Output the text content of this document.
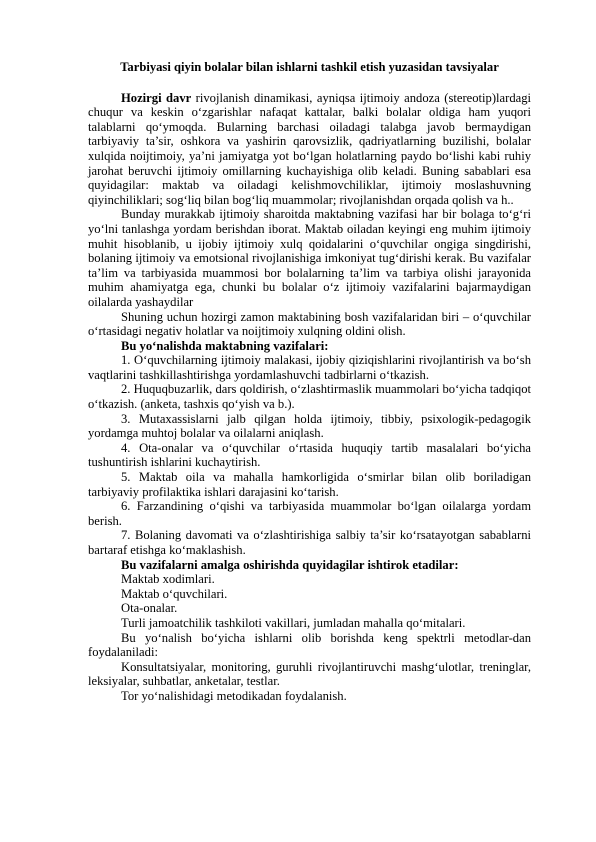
Tarbiyasi qiyin bolalar bilan ishlarni tashkil etish yuzasidan tavsiyalar

Hozirgi davr rivojlanish dinamikasi, ayniqsa ijtimoiy andoza (stereotip)lardagi chuqur va keskin o‘zgarishlar nafaqat kattalar, balki bolalar oldiga ham yuqori talablarni qo‘ymoqda. Bularning barchasi oiladagi talabga javob bermaydigan tarbiyaviy ta’sir, oshkora va yashirin qarovsizlik, qadriyatlarning buzilishi, bolalar xulqida noijtimoiy, ya’ni jamiyatga yot bo‘lgan holatlarning paydo bo‘lishi kabi ruhiy jarohat beruvchi ijtimoiy omillarning kuchayishiga olib keladi. Buning sabablari esa quyidagilar: maktab va oiladagi kelishmovchiliklar, ijtimoiy moslashuvning qiyinchiliklari; sog‘liq bilan bog‘liq muammolar; rivojlanishdan orqada qolish va h..

Bunday murakkab ijtimoiy sharoitda maktabning vazifasi har bir bolaga to‘g‘ri yo‘lni tanlashga yordam berishdan iborat. Maktab oiladan keyingi eng muhim ijtimoiy muhit hisoblanib, u ijobiy ijtimoiy xulq qoidalarini o‘quvchilar ongiga singdirishi, bolaning ijtimoiy va emotsional rivojlanishiga imkoniyat tug‘dirishi kerak. Bu vazifalar ta’lim va tarbiyasida muammosi bor bolalarning ta’lim va tarbiya olishi jarayonida muhim ahamiyatga ega, chunki bu bolalar o‘z ijtimoiy vazifalarini bajarmaydigan oilalarda yashaydilar

Shuning uchun hozirgi zamon maktabining bosh vazifalaridan biri – o‘quvchilar o‘rtasidagi negativ holatlar va noijtimoiy xulqning oldini olish.

Bu yo‘nalishda maktabning vazifalari:

1. O‘quvchilarning ijtimoiy malakasi, ijobiy qiziqishlarini rivojlantirish va bo‘sh vaqtlarini tashkillashtirishga yordamlashuvchi tadbirlarni o‘tkazish.

2. Huquqbuzarlik, dars qoldirish, o‘zlashtirmaslik muammolari bo‘yicha tadqiqot o‘tkazish. (anketa, tashxis qo‘yish va b.).

3. Mutaxassislarni jalb qilgan holda ijtimoiy, tibbiy, psixologik-pedagogik yordamga muhtoj bolalar va oilalarni aniqlash.

4. Ota-onalar va o‘quvchilar o‘rtasida huquqiy tartib masalalari bo‘yicha tushuntirish ishlarini kuchaytirish.

5. Maktab oila va mahalla hamkorligida o‘smirlar bilan olib boriladigan tarbiyaviy profilaktika ishlari darajasini ko‘tarish.

6. Farzandining o‘qishi va tarbiyasida muammolar bo‘lgan oilalarga yordam berish.

7. Bolaning davomati va o‘zlashtirishiga salbiy ta’sir ko‘rsatayotgan sabablarni bartaraf etishga ko‘maklashish.

Bu vazifalarni amalga oshirishda quyidagilar ishtirok etadilar:

Maktab xodimlari.

Maktab o‘quvchilari.

Ota-onalar.

Turli jamoatchilik tashkiloti vakillari, jumladan mahalla qo‘mitalari.

Bu yo‘nalish bo‘yicha ishlarni olib borishda keng spektrli metodlar-dan foydalaniladi:

Konsultatsiyalar, monitoring, guruhli rivojlantiruvchi mashg‘ulotlar, treninglar, leksiyalar, suhbatlar, anketalar, testlar.

Tor yo‘nalishidagi metodikadan foydalanish.
